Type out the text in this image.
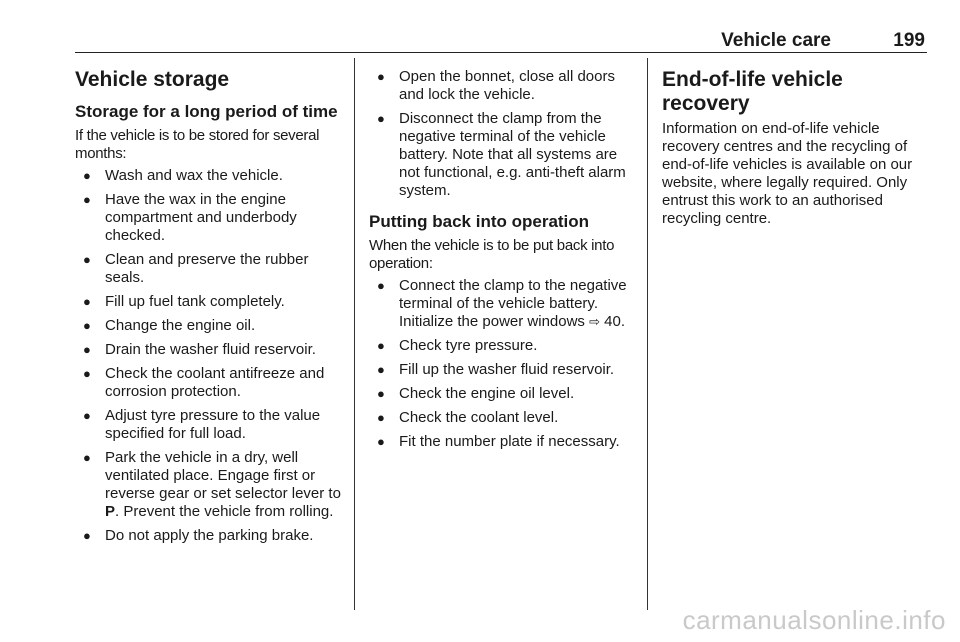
Vehicle care	199
Vehicle storage
Storage for a long period of time

If the vehicle is to be stored for several months:

● Wash and wax the vehicle.
● Have the wax in the engine compartment and underbody checked.
● Clean and preserve the rubber seals.
● Fill up fuel tank completely.
● Change the engine oil.
● Drain the washer fluid reservoir.
● Check the coolant antifreeze and corrosion protection.
● Adjust tyre pressure to the value specified for full load.
● Park the vehicle in a dry, well ventilated place. Engage first or reverse gear or set selector lever to P. Prevent the vehicle from rolling.
● Do not apply the parking brake.
● Open the bonnet, close all doors and lock the vehicle.
● Disconnect the clamp from the negative terminal of the vehicle battery. Note that all systems are not functional, e.g. anti-theft alarm system.
Putting back into operation

When the vehicle is to be put back into operation:

● Connect the clamp to the negative terminal of the vehicle battery. Initialize the power windows ⇨ 40.
● Check tyre pressure.
● Fill up the washer fluid reservoir.
● Check the engine oil level.
● Check the coolant level.
● Fit the number plate if necessary.
End-of-life vehicle recovery

Information on end-of-life vehicle recovery centres and the recycling of end-of-life vehicles is available on our website, where legally required. Only entrust this work to an authorised recycling centre.

carmanualsonline.info
